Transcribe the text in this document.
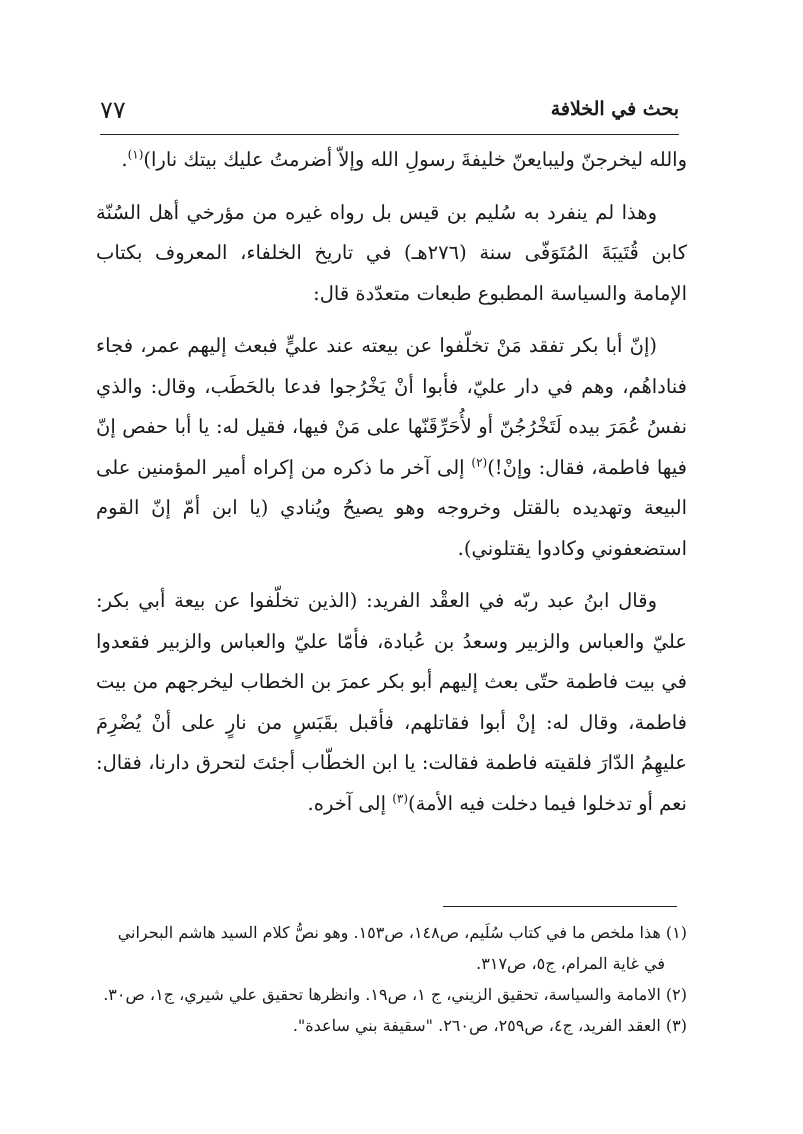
بحث في الخلافة
٧٧

والله ليخرجنّ وليبايعنّ خليفةَ رسولِ الله وإلاّ أضرمتُ عليك بيتك نارا)$^{(١)}$.

وهذا لم ينفرد به سُليم بن قيس بل رواه غيره من مؤرخي أهل السُنّة كابن قُتَيبَةَ المُتَوَفّى سنة (٢٧٦هـ) في تاريخ الخلفاء، المعروف بكتاب الإمامة والسياسة المطبوع طبعات متعدّدة قال:

(إنّ أبا بكر تفقد مَنْ تخلّفوا عن بيعته عند عليٍّ فبعث إليهم عمر، فجاء فناداهُم، وهم في دار عليّ، فأبوا أنْ يَخْرُجوا فدعا بالحَطَب، وقال: والذي نفسُ عُمَرَ بيده لَتَخْرُجُنّ أو لأُحَرِّقَنّها على مَنْ فيها، فقيل له: يا أبا حفص إنّ فيها فاطمة، فقال: وإنْ!)$^{(٢)}$ إلى آخر ما ذكره من إكراه أمير المؤمنين على البيعة وتهديده بالقتل وخروجه وهو يصيحُ ويُنادي (يا ابن أمّ إنّ القوم استضعفوني وكادوا يقتلوني).

وقال ابنُ عبد ربّه في العقْد الفريد: (الذين تخلّفوا عن بيعة أبي بكر: عليّ والعباس والزبير وسعدُ بن عُبادة، فأمّا عليّ والعباس والزبير فقعدوا في بيت فاطمة حتّى بعث إليهم أبو بكر عمرَ بن الخطاب ليخرجهم من بيت فاطمة، وقال له: إنْ أبوا فقاتلهم، فأقبل بقَبَسٍ من نارٍ على أنْ يُضْرِمَ عليهِمُ الدّارَ فلقيته فاطمة فقالت: يا ابن الخطّاب أجئتَ لتحرق دارنا، فقال: نعم أو تدخلوا فيما دخلت فيه الأمة)$^{(٣)}$ إلى آخره.

(١) هذا ملخص ما في كتاب سُلَيم، ص١٤٨، ص١٥٣. وهو نصُّ كلام السيد هاشم البحراني

في غاية المرام، ج٥، ص٣١٧.

(٢) الامامة والسياسة، تحقيق الزيني، ج ١، ص١٩. وانظرها تحقيق علي شيري، ج١، ص٣٠.

(٣) العقد الفريد، ج٤، ص٢٥٩، ص٢٦٠. "سقيفة بني ساعدة".
